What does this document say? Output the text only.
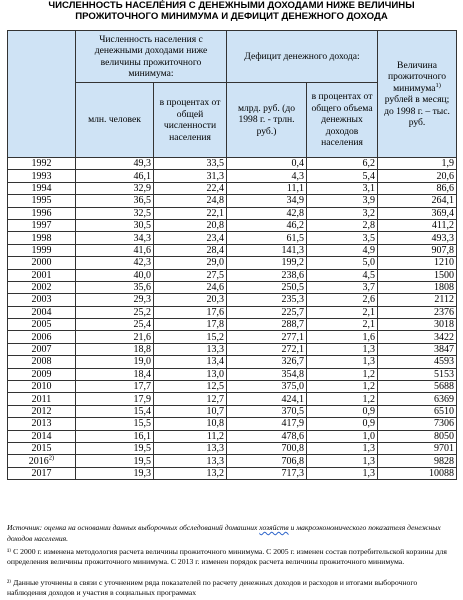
ЧИСЛЕННОСТЬ НАСЕЛЕ́НИЯ С ДЕНЕЖНЫМИ ДОХОДАМИ НИЖЕ ВЕЛИЧИНЫ
ПРОЖИТОЧНОГО МИНИМУМА И ДЕФИЦИТ ДЕНЕЖНОГО ДОХОДА
	Численность населения с денежными доходами ниже величины прожиточного минимума:		Дефицит денежного дохода:		Величина прожиточного минимума$^{1)}$ рублей в месяц; до 1998 г. – тыс. руб.
	млн. человек	в процентах от общей численности населения	млрд. руб. (до 1998 г. - трлн. руб.)	в процентах от общего объема денежных доходов населения	
1992	49,3	33,5	0,4	6,2	1,9
1993	46,1	31,3	4,3	5,4	20,6
1994	32,9	22,4	11,1	3,1	86,6
1995	36,5	24,8	34,9	3,9	264,1
1996	32,5	22,1	42,8	3,2	369,4
1997	30,5	20,8	46,2	2,8	411,2
1998	34,3	23,4	61,5	3,5	493,3
1999	41,6	28,4	141,3	4,9	907,8
2000	42,3	29,0	199,2	5,0	1210
2001	40,0	27,5	238,6	4,5	1500
2002	35,6	24,6	250,5	3,7	1808
2003	29,3	20,3	235,3	2,6	2112
2004	25,2	17,6	225,7	2,1	2376
2005	25,4	17,8	288,7	2,1	3018
2006	21,6	15,2	277,1	1,6	3422
2007	18,8	13,3	272,1	1,3	3847
2008	19,0	13,4	326,7	1,3	4593
2009	18,4	13,0	354,8	1,2	5153
2010	17,7	12,5	375,0	1,2	5688
2011	17,9	12,7	424,1	1,2	6369
2012	15,4	10,7	370,5	0,9	6510
2013	15,5	10,8	417,9	0,9	7306
2014	16,1	11,2	478,6	1,0	8050
2015	19,5	13,3	700,8	1,3	9701
2016$^{2)}$	19,5	13,3	706,8	1,3	9828
2017	19,3	13,2	717,3	1,3	10088
Источник: оценка на основании данных выборочных обследований домашних хозяйств и макроэкономического показателя денежных доходов населения.
¹⁾ С 2000 г. изменена методология расчета величины прожиточного минимума. С 2005 г. изменен состав потребительской корзины для определения величины прожиточного минимума. С 2013 г. изменен порядок расчета величины прожиточного минимума.
²⁾ Данные уточнены в связи с уточнением ряда показателей по расчету денежных доходов и расходов и итогами выборочного наблюдения доходов и участия в социальных программах
